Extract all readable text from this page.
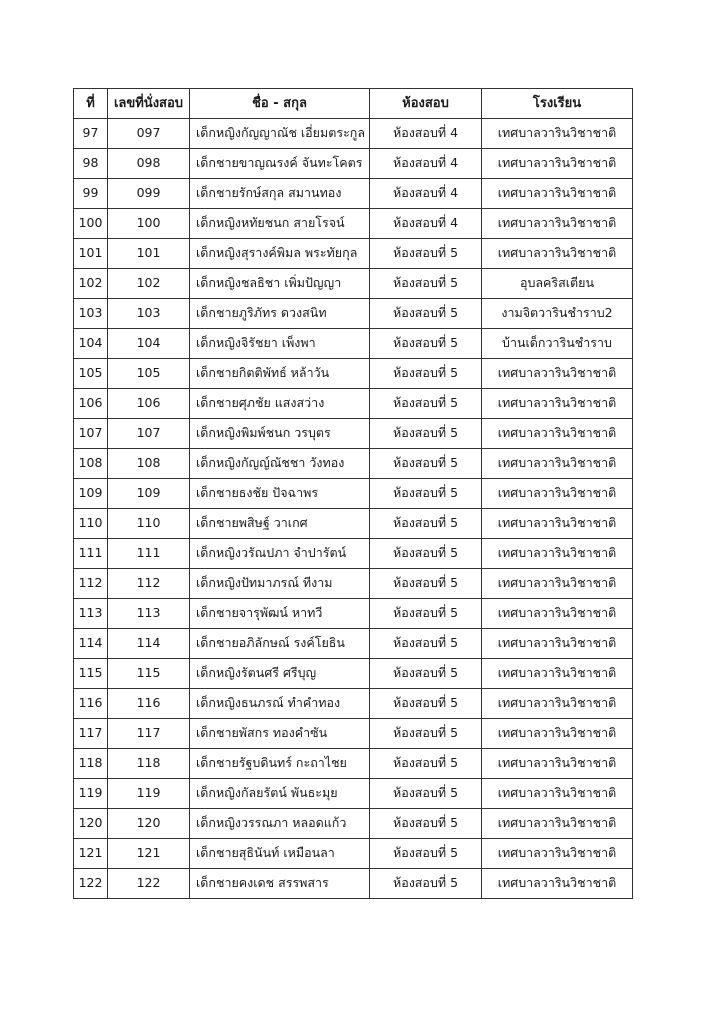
ที่	เลขที่นั่งสอบ	ชื่อ - สกุล	ห้องสอบ	โรงเรียน
97	097	เด็กหญิงกัญญาณัช เอี่ยมตระกูล	ห้องสอบที่ 4	เทศบาลวารินวิชาชาติ
98	098	เด็กชายขาญณรงค์ จันทะโคตร	ห้องสอบที่ 4	เทศบาลวารินวิชาชาติ
99	099	เด็กชายรักษ์สกุล สมานทอง	ห้องสอบที่ 4	เทศบาลวารินวิชาชาติ
100	100	เด็กหญิงหทัยชนก สายโรจน์	ห้องสอบที่ 4	เทศบาลวารินวิชาชาติ
101	101	เด็กหญิงสุรางค์พิมล พระทัยกุล	ห้องสอบที่ 5	เทศบาลวารินวิชาชาติ
102	102	เด็กหญิงชลธิชา เพิ่มปัญญา	ห้องสอบที่ 5	อุบลคริสเตียน
103	103	เด็กชายภูริภัทร ดวงสนิท	ห้องสอบที่ 5	งามจิตวารินชำราบ2
104	104	เด็กหญิงจิรัชยา เพ็งพา	ห้องสอบที่ 5	บ้านเด็กวารินชำราบ
105	105	เด็กชายกิตติพัทธ์ หล้าวัน	ห้องสอบที่ 5	เทศบาลวารินวิชาชาติ
106	106	เด็กชายศุภชัย แสงสว่าง	ห้องสอบที่ 5	เทศบาลวารินวิชาชาติ
107	107	เด็กหญิงพิมพ์ชนก วรบุตร	ห้องสอบที่ 5	เทศบาลวารินวิชาชาติ
108	108	เด็กหญิงกัญญ์ณัชชา วังทอง	ห้องสอบที่ 5	เทศบาลวารินวิชาชาติ
109	109	เด็กชายธงชัย ปัจฉาพร	ห้องสอบที่ 5	เทศบาลวารินวิชาชาติ
110	110	เด็กชายพสิษฐ์ วาเกศ	ห้องสอบที่ 5	เทศบาลวารินวิชาชาติ
111	111	เด็กหญิงวรัณปภา จำปารัตน์	ห้องสอบที่ 5	เทศบาลวารินวิชาชาติ
112	112	เด็กหญิงปัทมาภรณ์ ทีงาม	ห้องสอบที่ 5	เทศบาลวารินวิชาชาติ
113	113	เด็กชายจารุพัฒน์ หาทวี	ห้องสอบที่ 5	เทศบาลวารินวิชาชาติ
114	114	เด็กชายอภิลักษณ์ รงค์โยธิน	ห้องสอบที่ 5	เทศบาลวารินวิชาชาติ
115	115	เด็กหญิงรัตนศรี ศรีบุญ	ห้องสอบที่ 5	เทศบาลวารินวิชาชาติ
116	116	เด็กหญิงธนภรณ์ ทำคำทอง	ห้องสอบที่ 5	เทศบาลวารินวิชาชาติ
117	117	เด็กชายพัสกร ทองคำซัน	ห้องสอบที่ 5	เทศบาลวารินวิชาชาติ
118	118	เด็กชายรัฐบดินทร์ กะถาไชย	ห้องสอบที่ 5	เทศบาลวารินวิชาชาติ
119	119	เด็กหญิงกัลยรัตน์ พันธะมุย	ห้องสอบที่ 5	เทศบาลวารินวิชาชาติ
120	120	เด็กหญิงวรรณภา หลอดแก้ว	ห้องสอบที่ 5	เทศบาลวารินวิชาชาติ
121	121	เด็กชายสุธินันท์ เหมือนลา	ห้องสอบที่ 5	เทศบาลวารินวิชาชาติ
122	122	เด็กชายคงเดช สรรพสาร	ห้องสอบที่ 5	เทศบาลวารินวิชาชาติ
